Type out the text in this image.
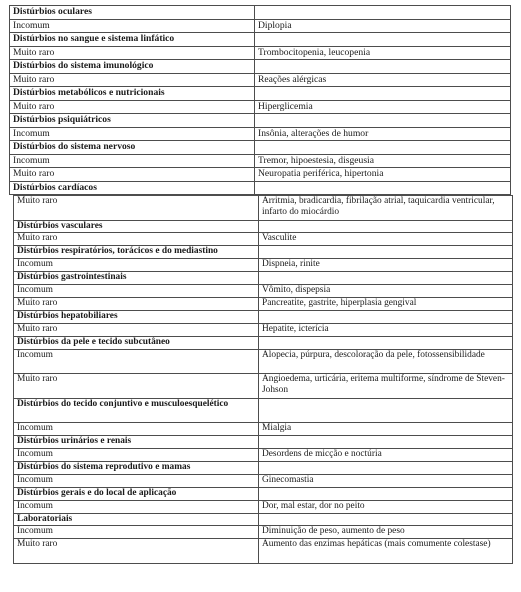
Distúrbios oculares	
Incomum	Diplopia
Distúrbios no sangue e sistema linfático	
Muito raro	Trombocitopenia, leucopenia
Distúrbios do sistema imunológico	
Muito raro	Reações alérgicas
Distúrbios metabólicos e nutricionais	
Muito raro	Hiperglicemia
Distúrbios psiquiátricos	
Incomum	Insônia, alterações de humor
Distúrbios do sistema nervoso	
Incomum	Tremor, hipoestesia, disgeusia
Muito raro	Neuropatia periférica, hipertonia
Distúrbios cardíacos	
Muito raro	Arritmia, bradicardia, fibrilação atrial, taquicardia ventricular, infarto do miocárdio
Distúrbios vasculares	
Muito raro	Vasculite
Distúrbios respiratórios, torácicos e do mediastino	
Incomum	Dispneia, rinite
Distúrbios gastrointestinais	
Incomum	Vômito, dispepsia
Muito raro	Pancreatite, gastrite, hiperplasia gengival
Distúrbios hepatobiliares	
Muito raro	Hepatite, icterícia
Distúrbios da pele e tecido subcutâneo	
Incomum	Alopecia, púrpura, descoloração da pele, fotossensibilidade
Muito raro	Angioedema, urticária, eritema multiforme, síndrome de Steven-Johson
Distúrbios do tecido conjuntivo e musculoesquelético	
Incomum	Mialgia
Distúrbios urinários e renais	
Incomum	Desordens de micção e noctúria
Distúrbios do sistema reprodutivo e mamas	
Incomum	Ginecomastia
Distúrbios gerais e do local de aplicação	
Incomum	Dor, mal estar, dor no peito
Laboratoriais	
Incomum	Diminuição de peso, aumento de peso
Muito raro	Aumento das enzimas hepáticas (mais comumente colestase)
